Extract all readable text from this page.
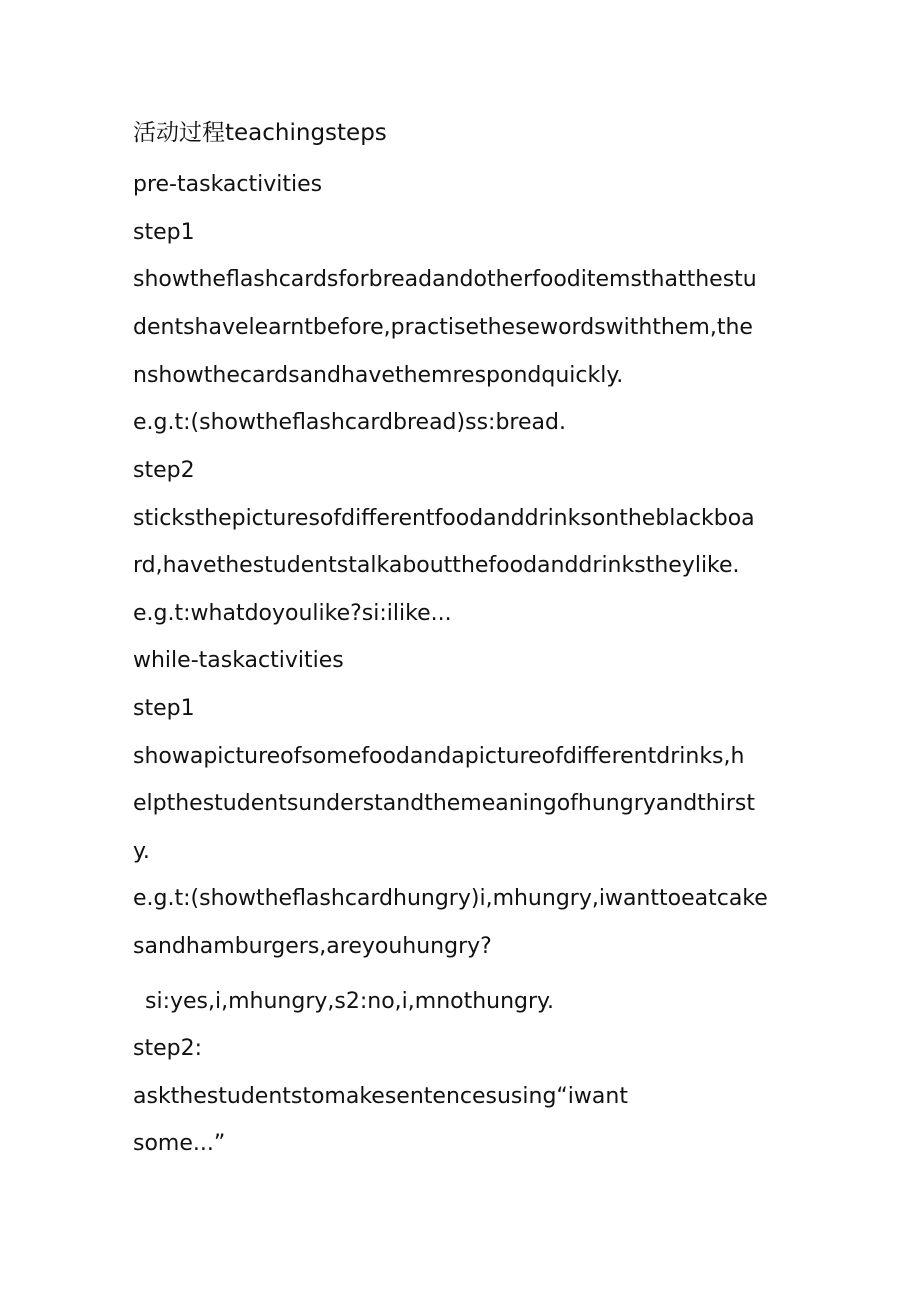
活动过程teachingsteps
pre-taskactivities
step1
showtheflashcardsforbreadandotherfooditemsthatthestu
dentshavelearntbefore,practisethesewordswiththem,the
nshowthecardsandhavethemrespondquickly.
e.g.t:(showtheflashcardbread)ss:bread.
step2
sticksthepicturesofdifferentfoodanddrinksontheblackboa
rd,havethestudentstalkaboutthefoodanddrinkstheylike.
e.g.t:whatdoyoulike?si:ilike...
while-taskactivities
step1
showapictureofsomefoodandapictureofdifferentdrinks,h
elpthestudentsunderstandthemeaningofhungryandthirst
y.
e.g.t:(showtheflashcardhungry)i,mhungry,iwanttoeatcake
sandhamburgers,areyouhungry?
si:yes,i,mhungry,s2:no,i,mnothungry.
step2:
askthestudentstomakesentencesusing“iwant
some...”
